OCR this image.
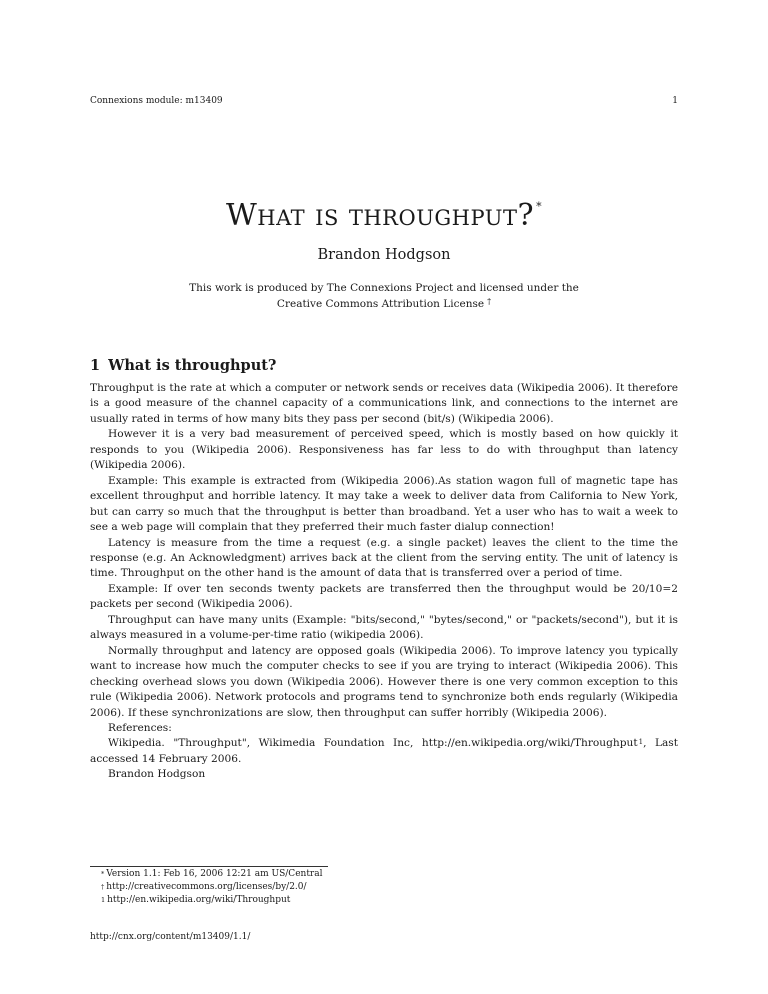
Connexions module: m13409	1
What is throughput? *
Brandon Hodgson
This work is produced by The Connexions Project and licensed under the
Creative Commons Attribution License †
1 What is throughput?

Throughput is the rate at which a computer or network sends or receives data (Wikipedia 2006). It therefore is a good measure of the channel capacity of a communications link, and connections to the internet are usually rated in terms of how many bits they pass per second (bit/s) (Wikipedia 2006).

However it is a very bad measurement of perceived speed, which is mostly based on how quickly it responds to you (Wikipedia 2006). Responsiveness has far less to do with throughput than latency (Wikipedia 2006).

Example: This example is extracted from (Wikipedia 2006).As station wagon full of magnetic tape has excellent throughput and horrible latency. It may take a week to deliver data from California to New York, but can carry so much that the throughput is better than broadband. Yet a user who has to wait a week to see a web page will complain that they preferred their much faster dialup connection!

Latency is measure from the time a request (e.g. a single packet) leaves the client to the time the response (e.g. An Acknowledgment) arrives back at the client from the serving entity. The unit of latency is time. Throughput on the other hand is the amount of data that is transferred over a period of time.

Example: If over ten seconds twenty packets are transferred then the throughput would be 20/10=2 packets per second (Wikipedia 2006).

Throughput can have many units (Example: "bits/second," "bytes/second," or "packets/second"), but it is always measured in a volume-per-time ratio (wikipedia 2006).

Normally throughput and latency are opposed goals (Wikipedia 2006). To improve latency you typically want to increase how much the computer checks to see if you are trying to interact (Wikipedia 2006). This checking overhead slows you down (Wikipedia 2006). However there is one very common exception to this rule (Wikipedia 2006). Network protocols and programs tend to synchronize both ends regularly (Wikipedia 2006). If these synchronizations are slow, then throughput can suffer horribly (Wikipedia 2006).

References:

Wikipedia. "Throughput", Wikimedia Foundation Inc, http://en.wikipedia.org/wiki/Throughput$^1$, Last accessed 14 February 2006.

Brandon Hodgson

* Version 1.1: Feb 16, 2006 12:21 am US/Central
† http://creativecommons.org/licenses/by/2.0/
$^1$ http://en.wikipedia.org/wiki/Throughput
http://cnx.org/content/m13409/1.1/
